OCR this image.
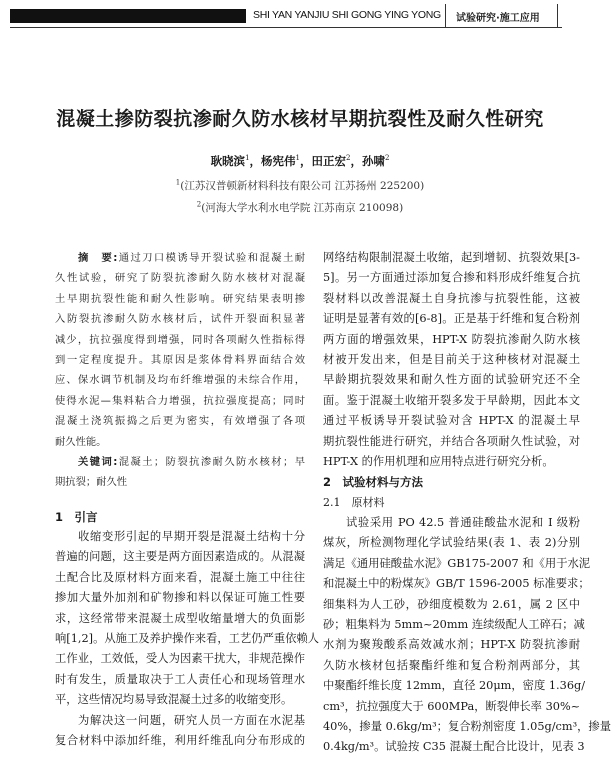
SHI YAN YANJIU SHI GONG YING YONG 试验研究·施工应用
混凝土掺防裂抗渗耐久防水核材早期抗裂性及耐久性研究
耿晓滨$^1$，杨宪伟$^1$，田正宏$^2$，孙啸$^2$
$^1$(江苏汉普顿新材料科技有限公司 江苏扬州 225200)
$^2$(河海大学水利水电学院 江苏南京 210098)
摘　要:通过刀口模诱导开裂试验和混凝土耐
久性试验，研究了防裂抗渗耐久防水核材对混凝
土早期抗裂性能和耐久性影响。研究结果表明掺
入防裂抗渗耐久防水核材后，试件开裂面积显著
减少，抗拉强度得到增强，同时各项耐久性指标得
到一定程度提升。其原因是浆体骨料界面结合效
应、保水调节机制及均布纤维增强的未综合作用，
使得水泥—集料粘合力增强，抗拉强度提高；同时
混凝土浇筑振捣之后更为密实，有效增强了各项
耐久性能。
关键词:混凝土；防裂抗渗耐久防水核材；早
期抗裂；耐久性
1　引言
收缩变形引起的早期开裂是混凝土结构十分
普遍的问题，这主要是两方面因素造成的。从混凝
土配合比及原材料方面来看，混凝土施工中往往
掺加大量外加剂和矿物掺和料以保证可施工性要
求，这经常带来混凝土成型收缩量增大的负面影
响[1,2]。从施工及养护操作来看，工艺仍严重依赖人
工作业，工效低，受人为因素干扰大，非规范操作
时有发生，质量取决于工人责任心和现场管理水
平，这些情况均易导致混凝土过多的收缩变形。
为解决这一问题，研究人员一方面在水泥基
复合材料中添加纤维，利用纤维乱向分布形成的
网络结构限制混凝土收缩，起到增韧、抗裂效果[3-
5]。另一方面通过添加复合掺和料形成纤维复合抗
裂材料以改善混凝土自身抗渗与抗裂性能，这被
证明是显著有效的[6-8]。正是基于纤维和复合粉剂
两方面的增强效果，HPT-X 防裂抗渗耐久防水核
材被开发出来，但是目前关于这种核材对混凝土
早龄期抗裂效果和耐久性方面的试验研究还不全
面。鉴于混凝土收缩开裂多发于早龄期，因此本文
通过平板诱导开裂试验对含 HPT-X 的混凝土早
期抗裂性能进行研究，并结合各项耐久性试验，对
HPT-X 的作用机理和应用特点进行研究分析。
2　试验材料与方法
2.1　原材料
试验采用 PO 42.5 普通硅酸盐水泥和 I 级粉
煤灰，所检测物理化学试验结果(表 1、表 2)分别
满足《通用硅酸盐水泥》GB175-2007 和《用于水泥
和混凝土中的粉煤灰》GB/T 1596-2005 标准要求；
细集料为人工砂，砂细度模数为 2.61，属 2 区中
砂；粗集料为 5mm~20mm 连续级配人工碎石；减
水剂为聚羧酸系高效减水剂；HPT-X 防裂抗渗耐
久防水核材包括聚酯纤维和复合粉剂两部分，其
中聚酯纤维长度 12mm，直径 20μm，密度 1.36g/
cm³，抗拉强度大于 600MPa，断裂伸长率 30%~
40%，掺量 0.6kg/m³；复合粉剂密度 1.05g/cm³，掺量
0.4kg/m³。试验按 C35 混凝土配合比设计，见表 3
